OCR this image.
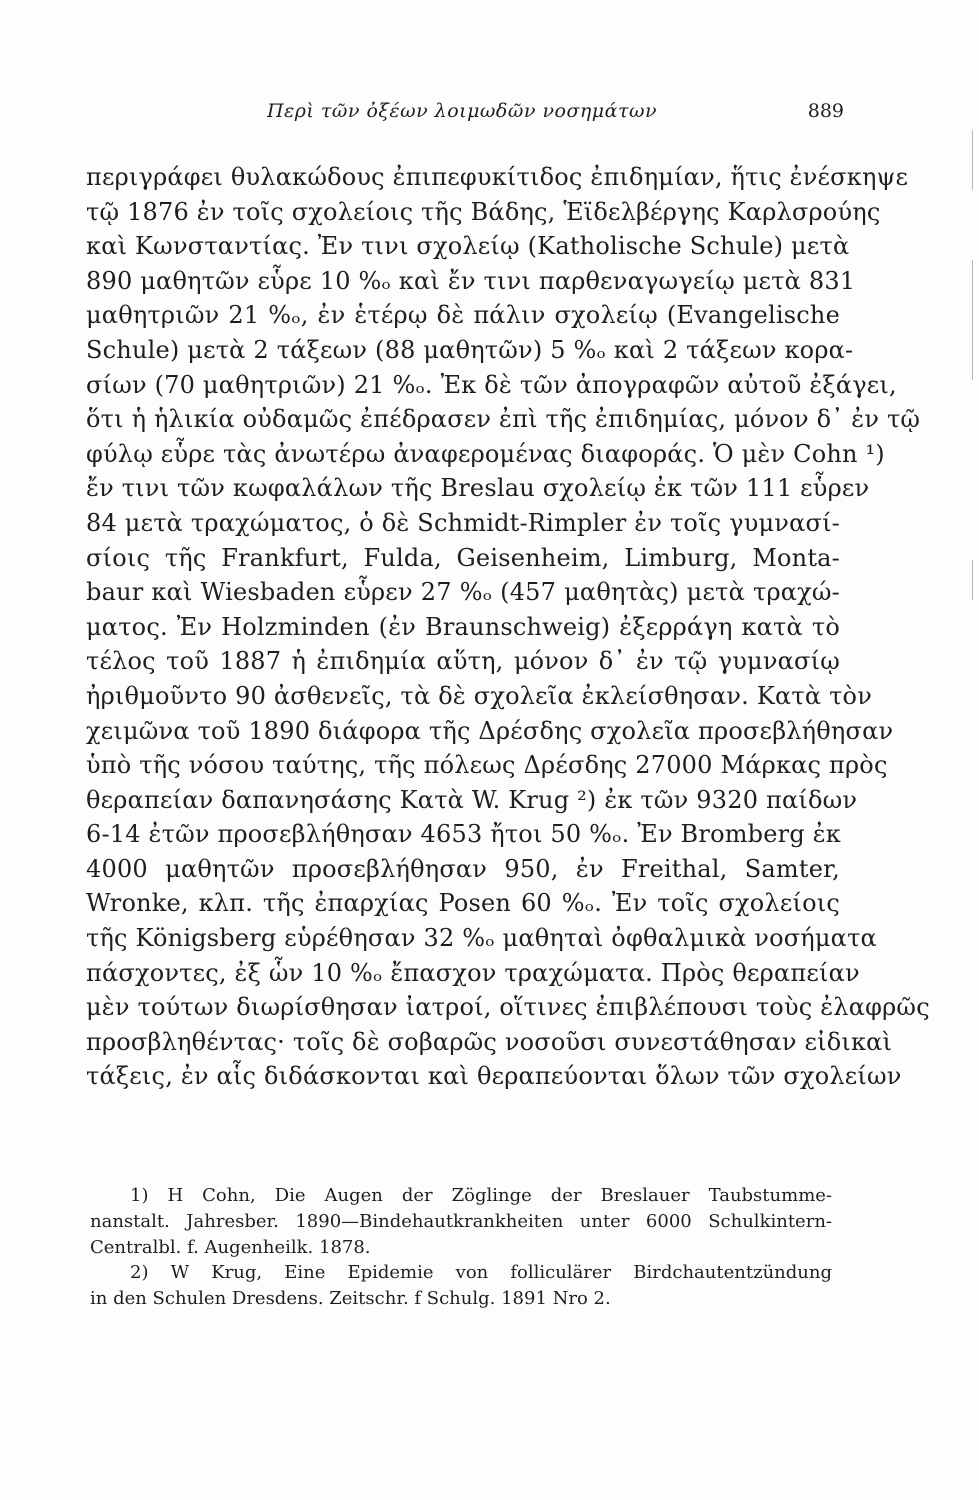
Περὶ τῶν ὀξέων λοιμωδῶν νοσημάτων	889
περιγράφει θυλακώδους ἐπιπεφυκίτιδος ἐπιδημίαν, ἥτις ἐνέσκηψε
τῷ 1876 ἐν τοῖς σχολείοις τῆς Βάδης, Ἑϊδελβέργης Καρλσρούης
καὶ Κωνσταντίας. Ἐν τινι σχολείῳ (Katholische Schule) μετὰ
890 μαθητῶν εὗρε 10 %ₒ καὶ ἔν τινι παρθεναγωγείῳ μετὰ 831
μαθητριῶν 21 %ₒ, ἐν ἑτέρῳ δὲ πάλιν σχολείῳ (Evangelische
Schule) μετὰ 2 τάξεων (88 μαθητῶν) 5 %ₒ καὶ 2 τάξεων κορα-
σίων (70 μαθητριῶν) 21 %ₒ. Ἐκ δὲ τῶν ἀπογραφῶν αὐτοῦ ἐξάγει,
ὅτι ἡ ἡλικία οὐδαμῶς ἐπέδρασεν ἐπὶ τῆς ἐπιδημίας, μόνον δ᾽ ἐν τῷ
φύλῳ εὗρε τὰς ἀνωτέρω ἀναφερομένας διαφοράς. Ὁ μὲν Cohn ¹)
ἔν τινι τῶν κωφαλάλων τῆς Breslau σχολείῳ ἐκ τῶν 111 εὗρεν
84 μετὰ τραχώματος, ὁ δὲ Schmidt-Rimpler ἐν τοῖς γυμνασί-
σίοις τῆς Frankfurt, Fulda, Geisenheim, Limburg, Monta-
baur καὶ Wiesbaden εὗρεν 27 %ₒ (457 μαθητὰς) μετὰ τραχώ-
ματος. Ἐν Holzminden (ἐν Braunschweig) ἐξερράγη κατὰ τὸ
τέλος τοῦ 1887 ἡ ἐπιδημία αὕτη, μόνον δ᾽ ἐν τῷ γυμνασίῳ
ἠριθμοῦντο 90 ἀσθενεῖς, τὰ δὲ σχολεῖα ἐκλείσθησαν. Κατὰ τὸν
χειμῶνα τοῦ 1890 διάφορα τῆς Δρέσδης σχολεῖα προσεβλήθησαν
ὑπὸ τῆς νόσου ταύτης, τῆς πόλεως Δρέσδης 27000 Μάρκας πρὸς
θεραπείαν δαπανησάσης Κατὰ W. Krug ²) ἐκ τῶν 9320 παίδων
6-14 ἐτῶν προσεβλήθησαν 4653 ἤτοι 50 %ₒ. Ἐν Bromberg ἐκ
4000 μαθητῶν προσεβλήθησαν 950, ἐν Freithal, Samter,
Wronke, κλπ. τῆς ἐπαρχίας Posen 60 %ₒ. Ἐν τοῖς σχολείοις
τῆς Königsberg εὑρέθησαν 32 %ₒ μαθηταὶ ὀφθαλμικὰ νοσήματα
πάσχοντες, ἐξ ὧν 10 %ₒ ἔπασχον τραχώματα. Πρὸς θεραπείαν
μὲν τούτων διωρίσθησαν ἰατροί, οἵτινες ἐπιβλέπουσι τοὺς ἐλαφρῶς
προσβληθέντας· τοῖς δὲ σοβαρῶς νοσοῦσι συνεστάθησαν εἰδικαὶ
τάξεις, ἐν αἷς διδάσκονται καὶ θεραπεύονται ὅλων τῶν σχολείων
1) H Cohn, Die Augen der Zöglinge der Breslauer Taubstumme-
nanstalt. Jahresber. 1890—Bindehautkrankheiten unter 6000 Schulkintern-
Centralbl. f. Augenheilk. 1878.
2) W Krug, Eine Epidemie von folliculärer Birdchautentzündung
in den Schulen Dresdens. Zeitschr. f Schulg. 1891 Nro 2.
